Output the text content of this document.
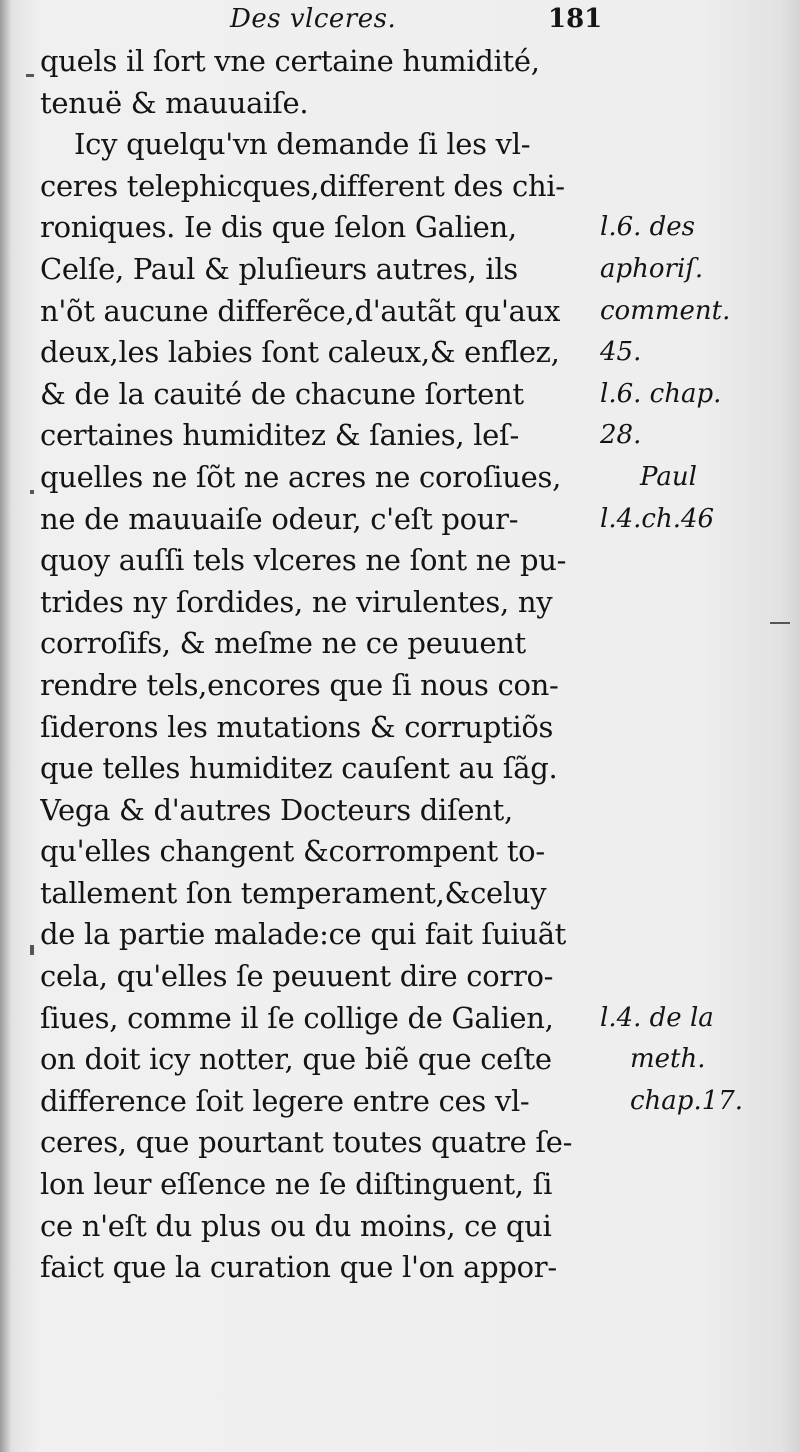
Des vlceres.	181
quels il ſort vne certaine humidité,
tenuë & mauuaiſe.
Icy quelqu'vn demande ſi les vl-
ceres telephicques,different des chi-
roniques. Ie dis que ſelon Galien,
Celſe, Paul & pluſieurs autres, ils
n'õt aucune differẽce,d'autãt qu'aux
deux,les labies ſont caleux,& enflez,
& de la cauité de chacune ſortent
certaines humiditez & ſanies, leſ-
quelles ne ſõt ne acres ne coroſiues,
ne de mauuaiſe odeur, c'eſt pour-
quoy auſſi tels vlceres ne ſont ne pu-
trides ny ſordides, ne virulentes, ny
corroſifs, & meſme ne ce peuuent
rendre tels,encores que ſi nous con-
ſiderons les mutations & corruptiõs
que telles humiditez cauſent au ſãg.
Vega & d'autres Docteurs diſent,
qu'elles changent &corrompent to-
tallement ſon temperament,&celuy
de la partie malade:ce qui fait ſuiuãt
cela, qu'elles ſe peuuent dire corro-
ſiues, comme il ſe collige de Galien,
on doit icy notter, que biẽ que ceſte
difference ſoit legere entre ces vl-
ceres, que pourtant toutes quatre ſe-
lon leur eſſence ne ſe diſtinguent, ſi
ce n'eſt du plus ou du moins, ce qui
faict que la curation que l'on appor-
l.6. des
aphoriſ.
comment.
45.
l.6. chap.
28.
Paul
l.4.ch.46
l.4. de la
meth.
chap.17.
